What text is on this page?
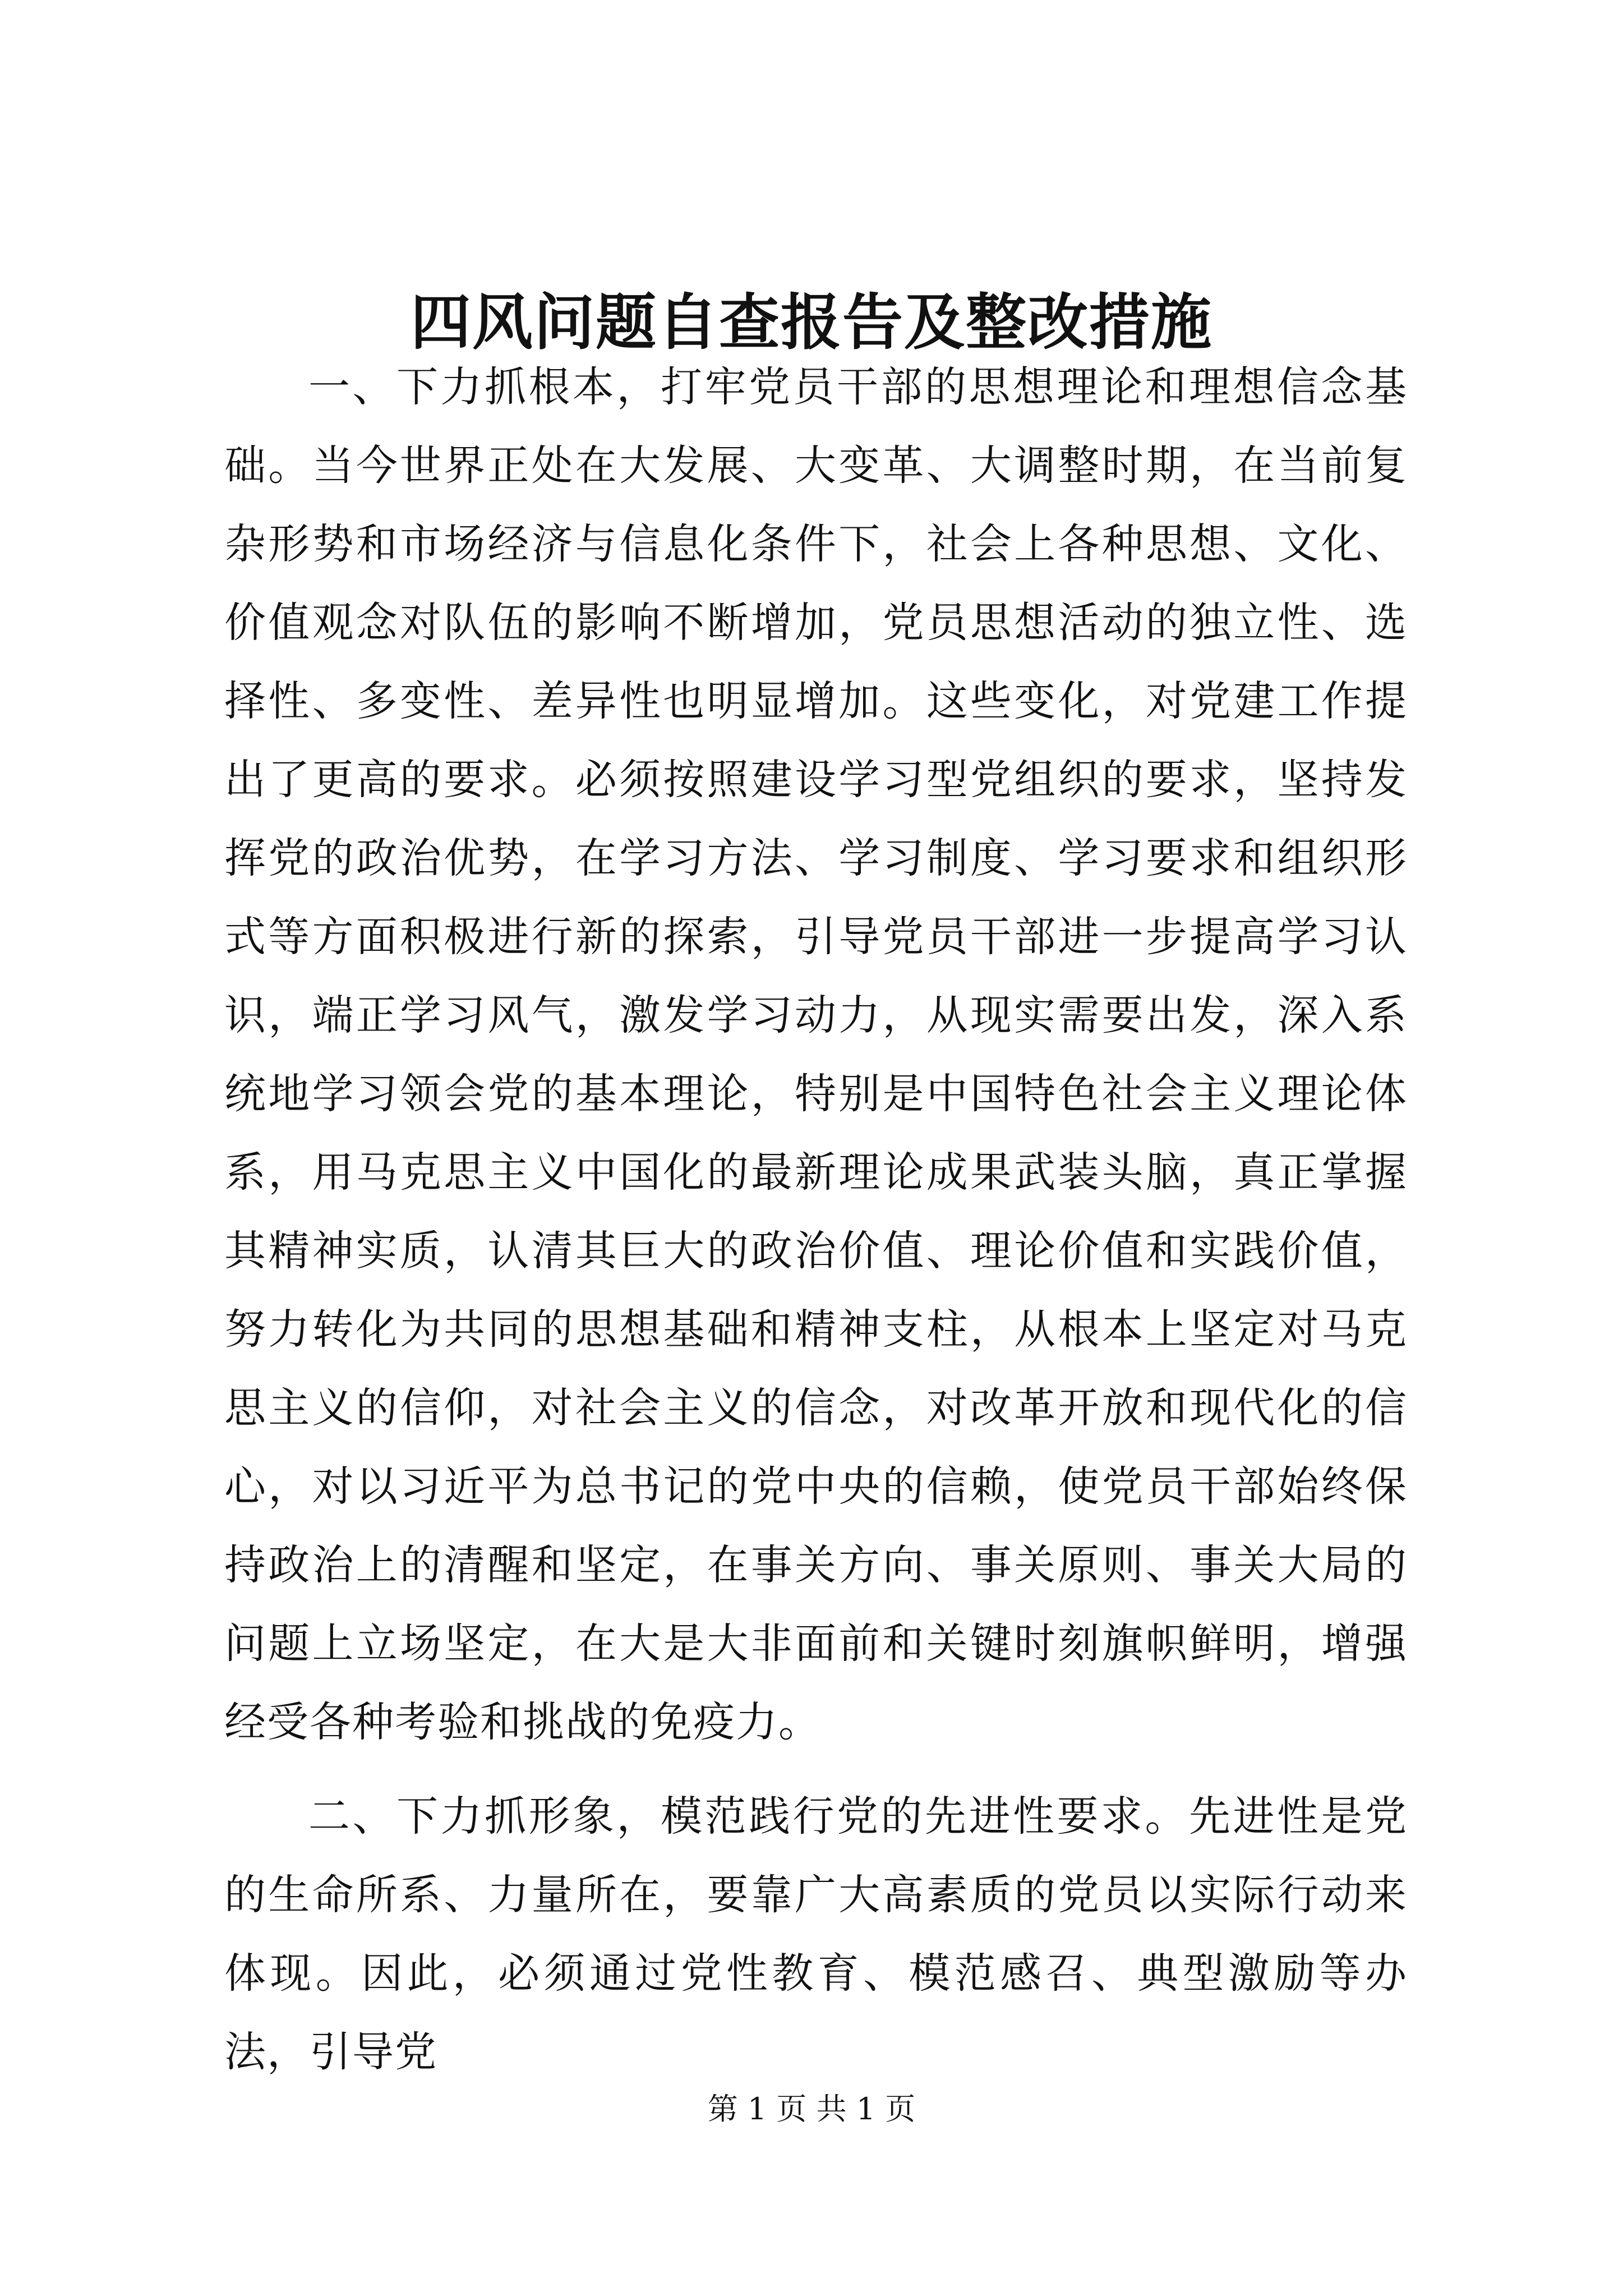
四风问题自查报告及整改措施

一、下力抓根本，打牢党员干部的思想理论和理想信念基础。当今世界正处在大发展、大变革、大调整时期，在当前复杂形势和市场经济与信息化条件下，社会上各种思想、文化、价值观念对队伍的影响不断增加，党员思想活动的独立性、选择性、多变性、差异性也明显增加。这些变化，对党建工作提出了更高的要求。必须按照建设学习型党组织的要求，坚持发挥党的政治优势，在学习方法、学习制度、学习要求和组织形式等方面积极进行新的探索，引导党员干部进一步提高学习认识，端正学习风气，激发学习动力，从现实需要出发，深入系统地学习领会党的基本理论，特别是中国特色社会主义理论体系，用马克思主义中国化的最新理论成果武装头脑，真正掌握其精神实质，认清其巨大的政治价值、理论价值和实践价值，努力转化为共同的思想基础和精神支柱，从根本上坚定对马克思主义的信仰，对社会主义的信念，对改革开放和现代化的信心，对以习近平为总书记的党中央的信赖，使党员干部始终保持政治上的清醒和坚定，在事关方向、事关原则、事关大局的问题上立场坚定，在大是大非面前和关键时刻旗帜鲜明，增强经受各种考验和挑战的免疫力。

二、下力抓形象，模范践行党的先进性要求。先进性是党的生命所系、力量所在，要靠广大高素质的党员以实际行动来体现。因此，必须通过党性教育、模范感召、典型激励等办法，引导党

第 1 页 共 1 页
